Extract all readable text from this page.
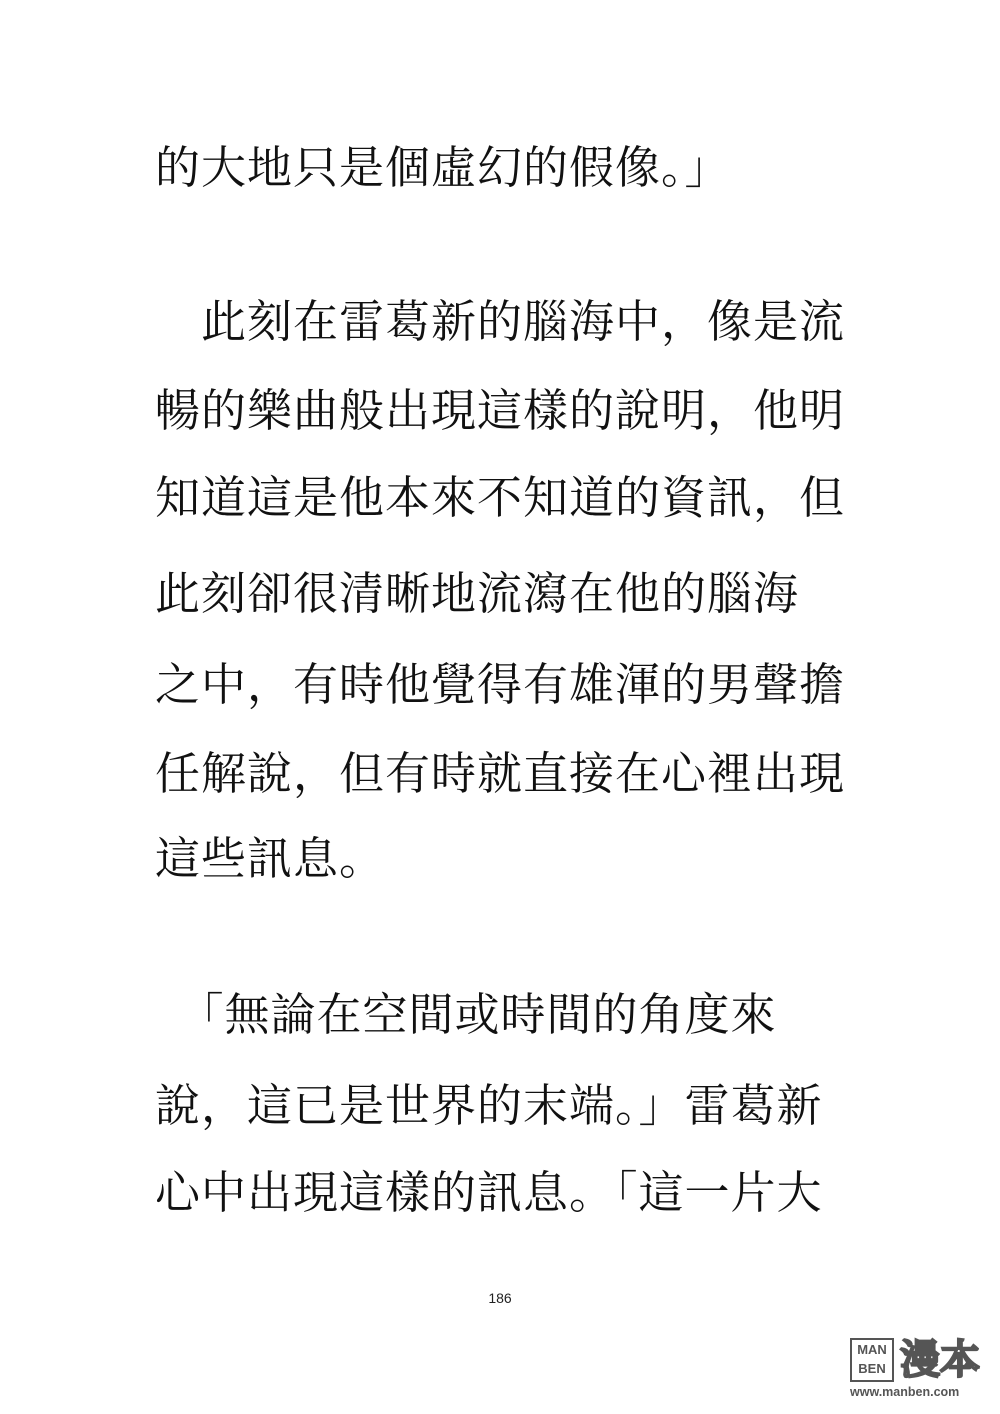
的大地只是個虛幻的假像。」
　此刻在雷葛新的腦海中，像是流
暢的樂曲般出現這樣的說明，他明
知道這是他本來不知道的資訊，但
此刻卻很清晰地流瀉在他的腦海
之中，有時他覺得有雄渾的男聲擔
任解說，但有時就直接在心裡出現
這些訊息。
　「無論在空間或時間的角度來
說，這已是世界的末端。」雷葛新
心中出現這樣的訊息。「這一片大
186
MAN
BEN 漫本
www.manben.com
